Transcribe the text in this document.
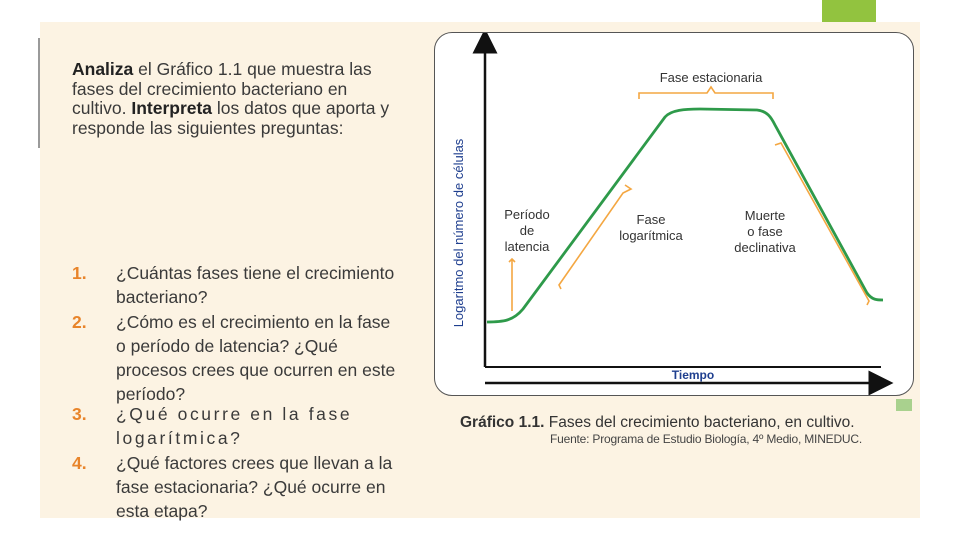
Analiza el Gráfico 1.1 que muestra las fases del crecimiento bacteriano en cultivo. Interpreta los datos que aporta y responde las siguientes preguntas:
1. ¿Cuántas fases tiene el crecimiento bacteriano?
2. ¿Cómo es el crecimiento en la fase o período de latencia? ¿Qué procesos crees que ocurren en este período?
3. ¿Qué ocurre en la fase logarítmica?
4. ¿Qué factores crees que llevan a la fase estacionaria? ¿Qué ocurre en esta etapa?
Logaritmo del número de células
Tiempo
Período
de
latencia
Fase
logarítmica
Fase estacionaria
Muerte
o fase
declinativa
Gráfico 1.1. Fases del crecimiento bacteriano, en cultivo.
Fuente: Programa de Estudio Biología, 4º Medio, MINEDUC.
